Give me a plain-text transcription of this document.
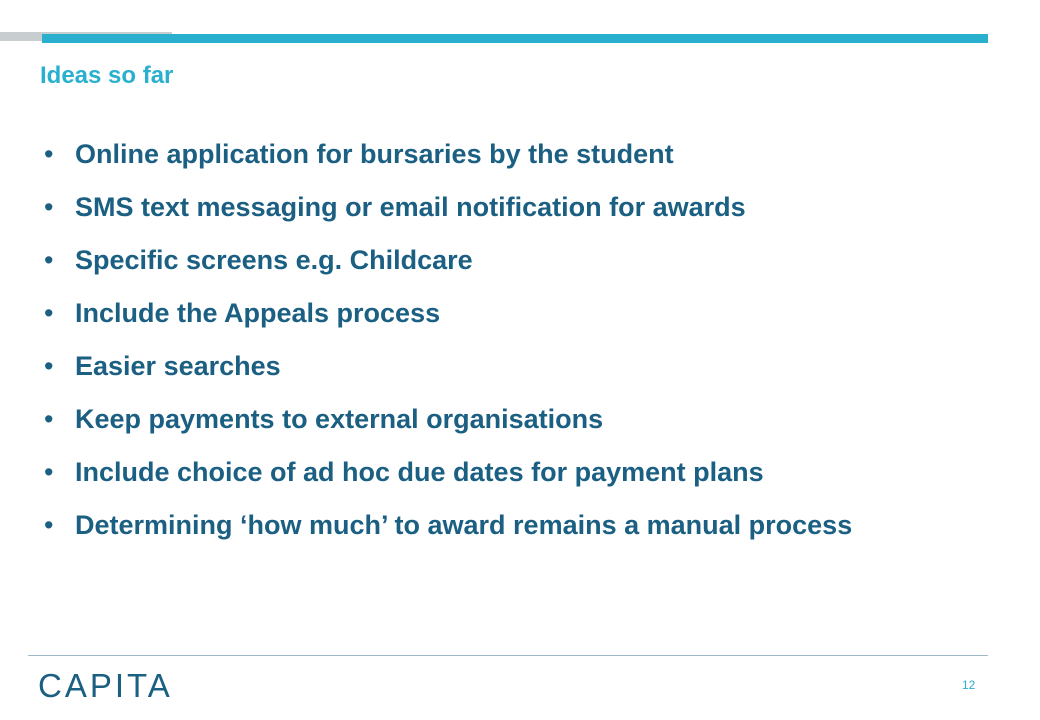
Ideas so far
• Online application for bursaries by the student
• SMS text messaging or email notification for awards
• Specific screens e.g. Childcare
• Include the Appeals process
• Easier searches
• Keep payments to external organisations
• Include choice of ad hoc due dates for payment plans
• Determining ‘how much’ to award remains a manual process
CAPITA	12
